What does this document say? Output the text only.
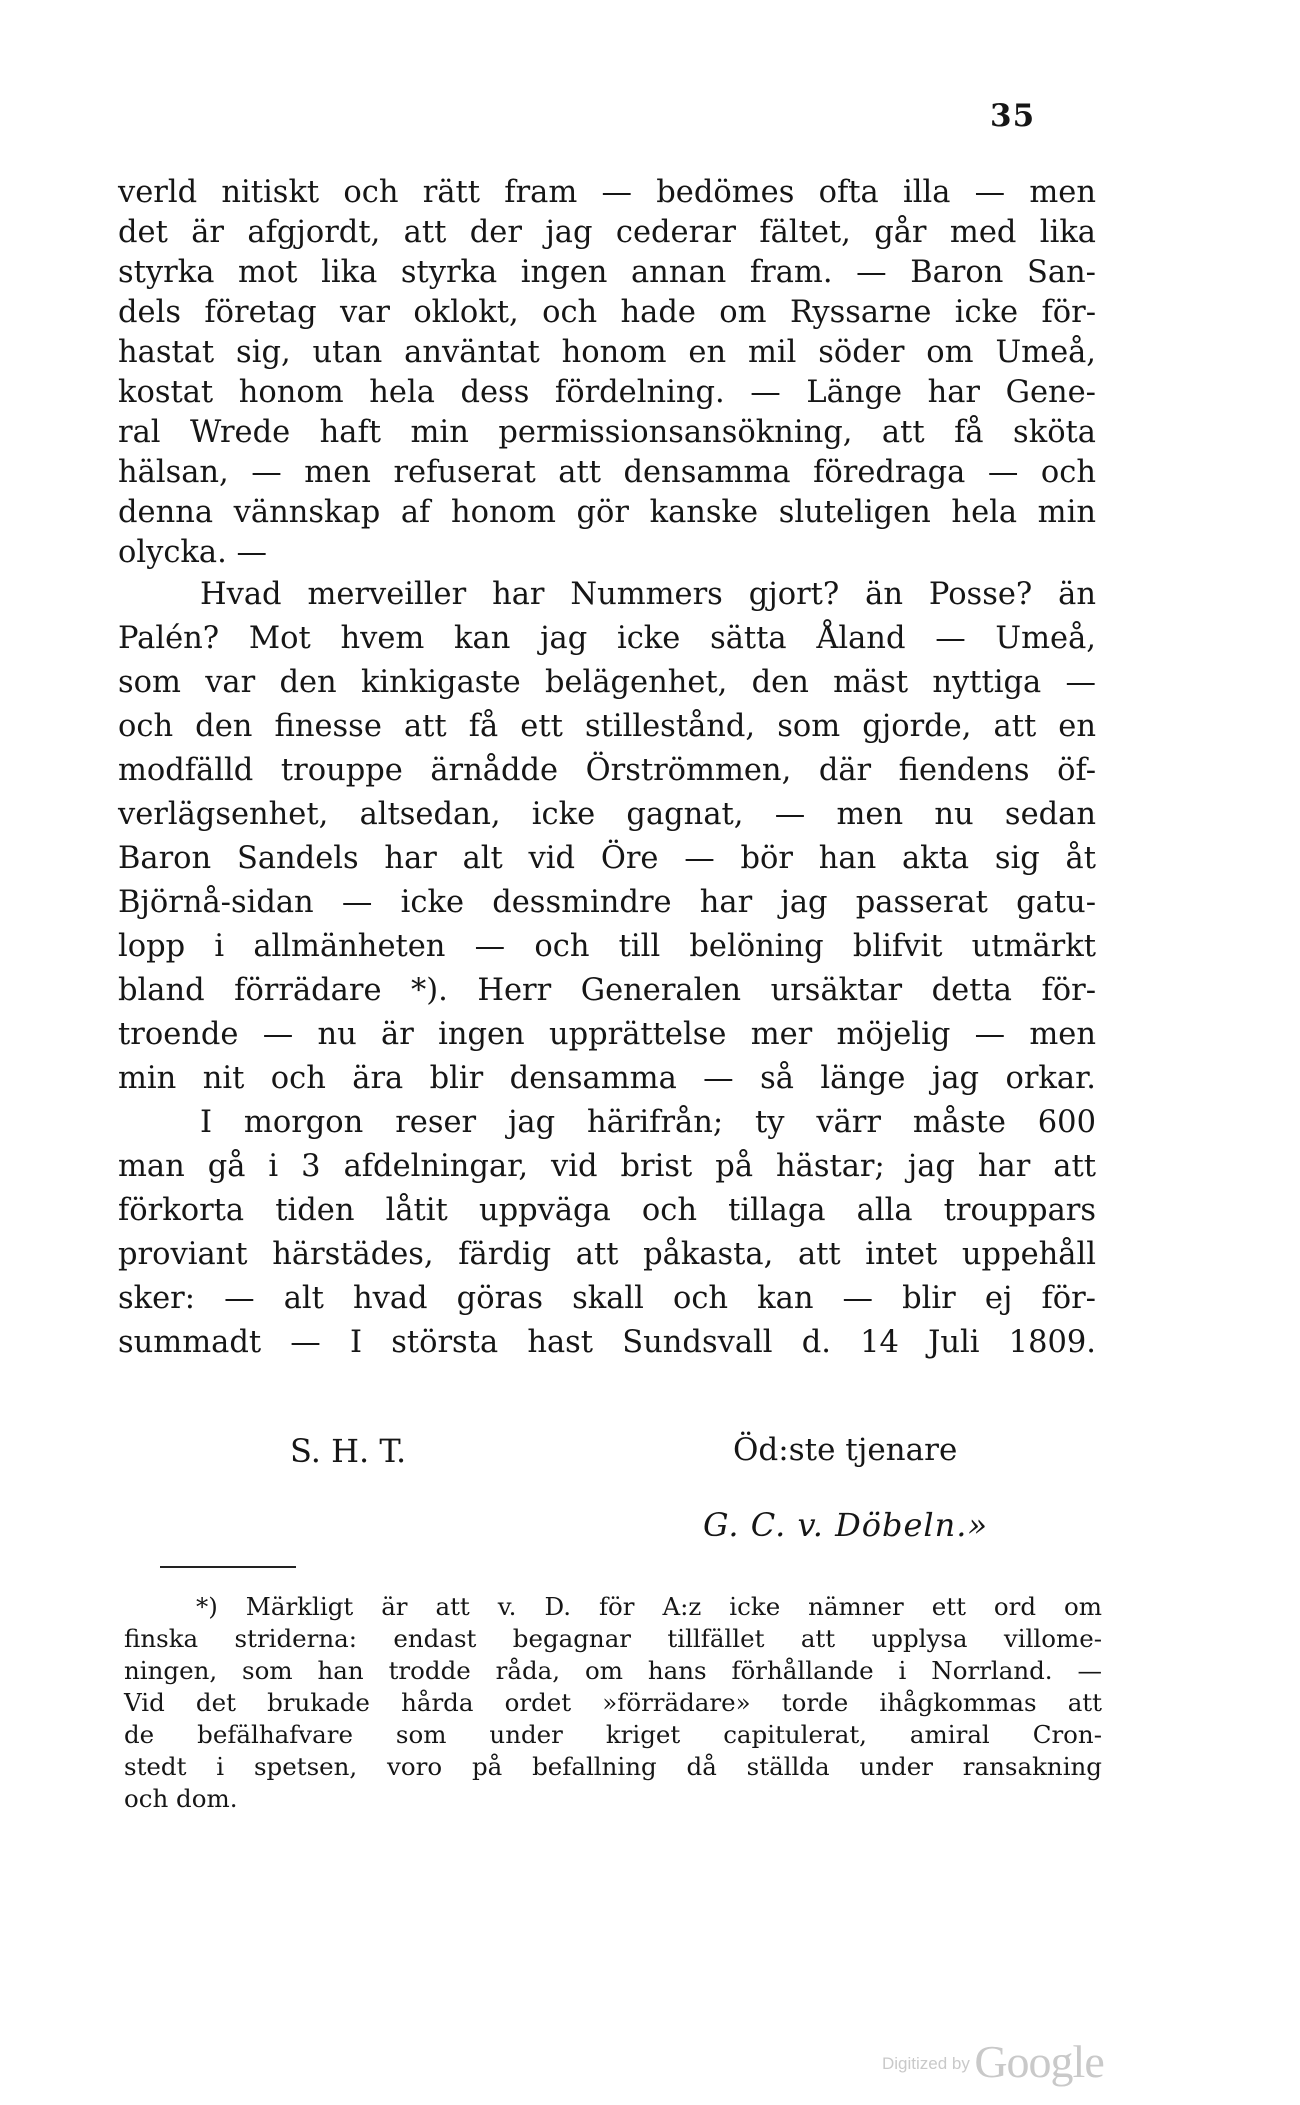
35
verld nitiskt och rätt fram — bedömes ofta illa — men
det är afgjordt, att der jag cederar fältet, går med lika
styrka mot lika styrka ingen annan fram. — Baron San-
dels företag var oklokt, och hade om Ryssarne icke för-
hastat sig, utan använtat honom en mil söder om Umeå,
kostat honom hela dess fördelning. — Länge har Gene-
ral Wrede haft min permissionsansökning, att få sköta
hälsan, — men refuserat att densamma föredraga — och
denna vännskap af honom gör kanske sluteligen hela min
olycka. —
Hvad merveiller har Nummers gjort? än Posse? än
Palén? Mot hvem kan jag icke sätta Åland — Umeå,
som var den kinkigaste belägenhet, den mäst nyttiga —
och den finesse att få ett stillestånd, som gjorde, att en
modfälld trouppe ärnådde Örströmmen, där fiendens öf-
verlägsenhet, altsedan, icke gagnat, — men nu sedan
Baron Sandels har alt vid Öre — bör han akta sig åt
Björnå-sidan — icke dessmindre har jag passerat gatu-
lopp i allmänheten — och till belöning blifvit utmärkt
bland förrädare *). Herr Generalen ursäktar detta för-
troende — nu är ingen upprättelse mer möjelig — men
min nit och ära blir densamma — så länge jag orkar.
I morgon reser jag härifrån; ty värr måste 600
man gå i 3 afdelningar, vid brist på hästar; jag har att
förkorta tiden låtit uppväga och tillaga alla trouppars
proviant härstädes, färdig att påkasta, att intet uppehåll
sker: — alt hvad göras skall och kan — blir ej för-
summadt — I största hast Sundsvall d. 14 Juli 1809.
S. H. T.	Öd:ste tjenare
G. C. v. Döbeln.»
*) Märkligt är att v. D. för A:z icke nämner ett ord om
finska striderna: endast begagnar tillfället att upplysa villome-
ningen, som han trodde råda, om hans förhållande i Norrland. —
Vid det brukade hårda ordet »förrädare» torde ihågkommas att
de befälhafvare som under kriget capitulerat, amiral Cron-
stedt i spetsen, voro på befallning då ställda under ransakning
och dom.
Digitized by Google
